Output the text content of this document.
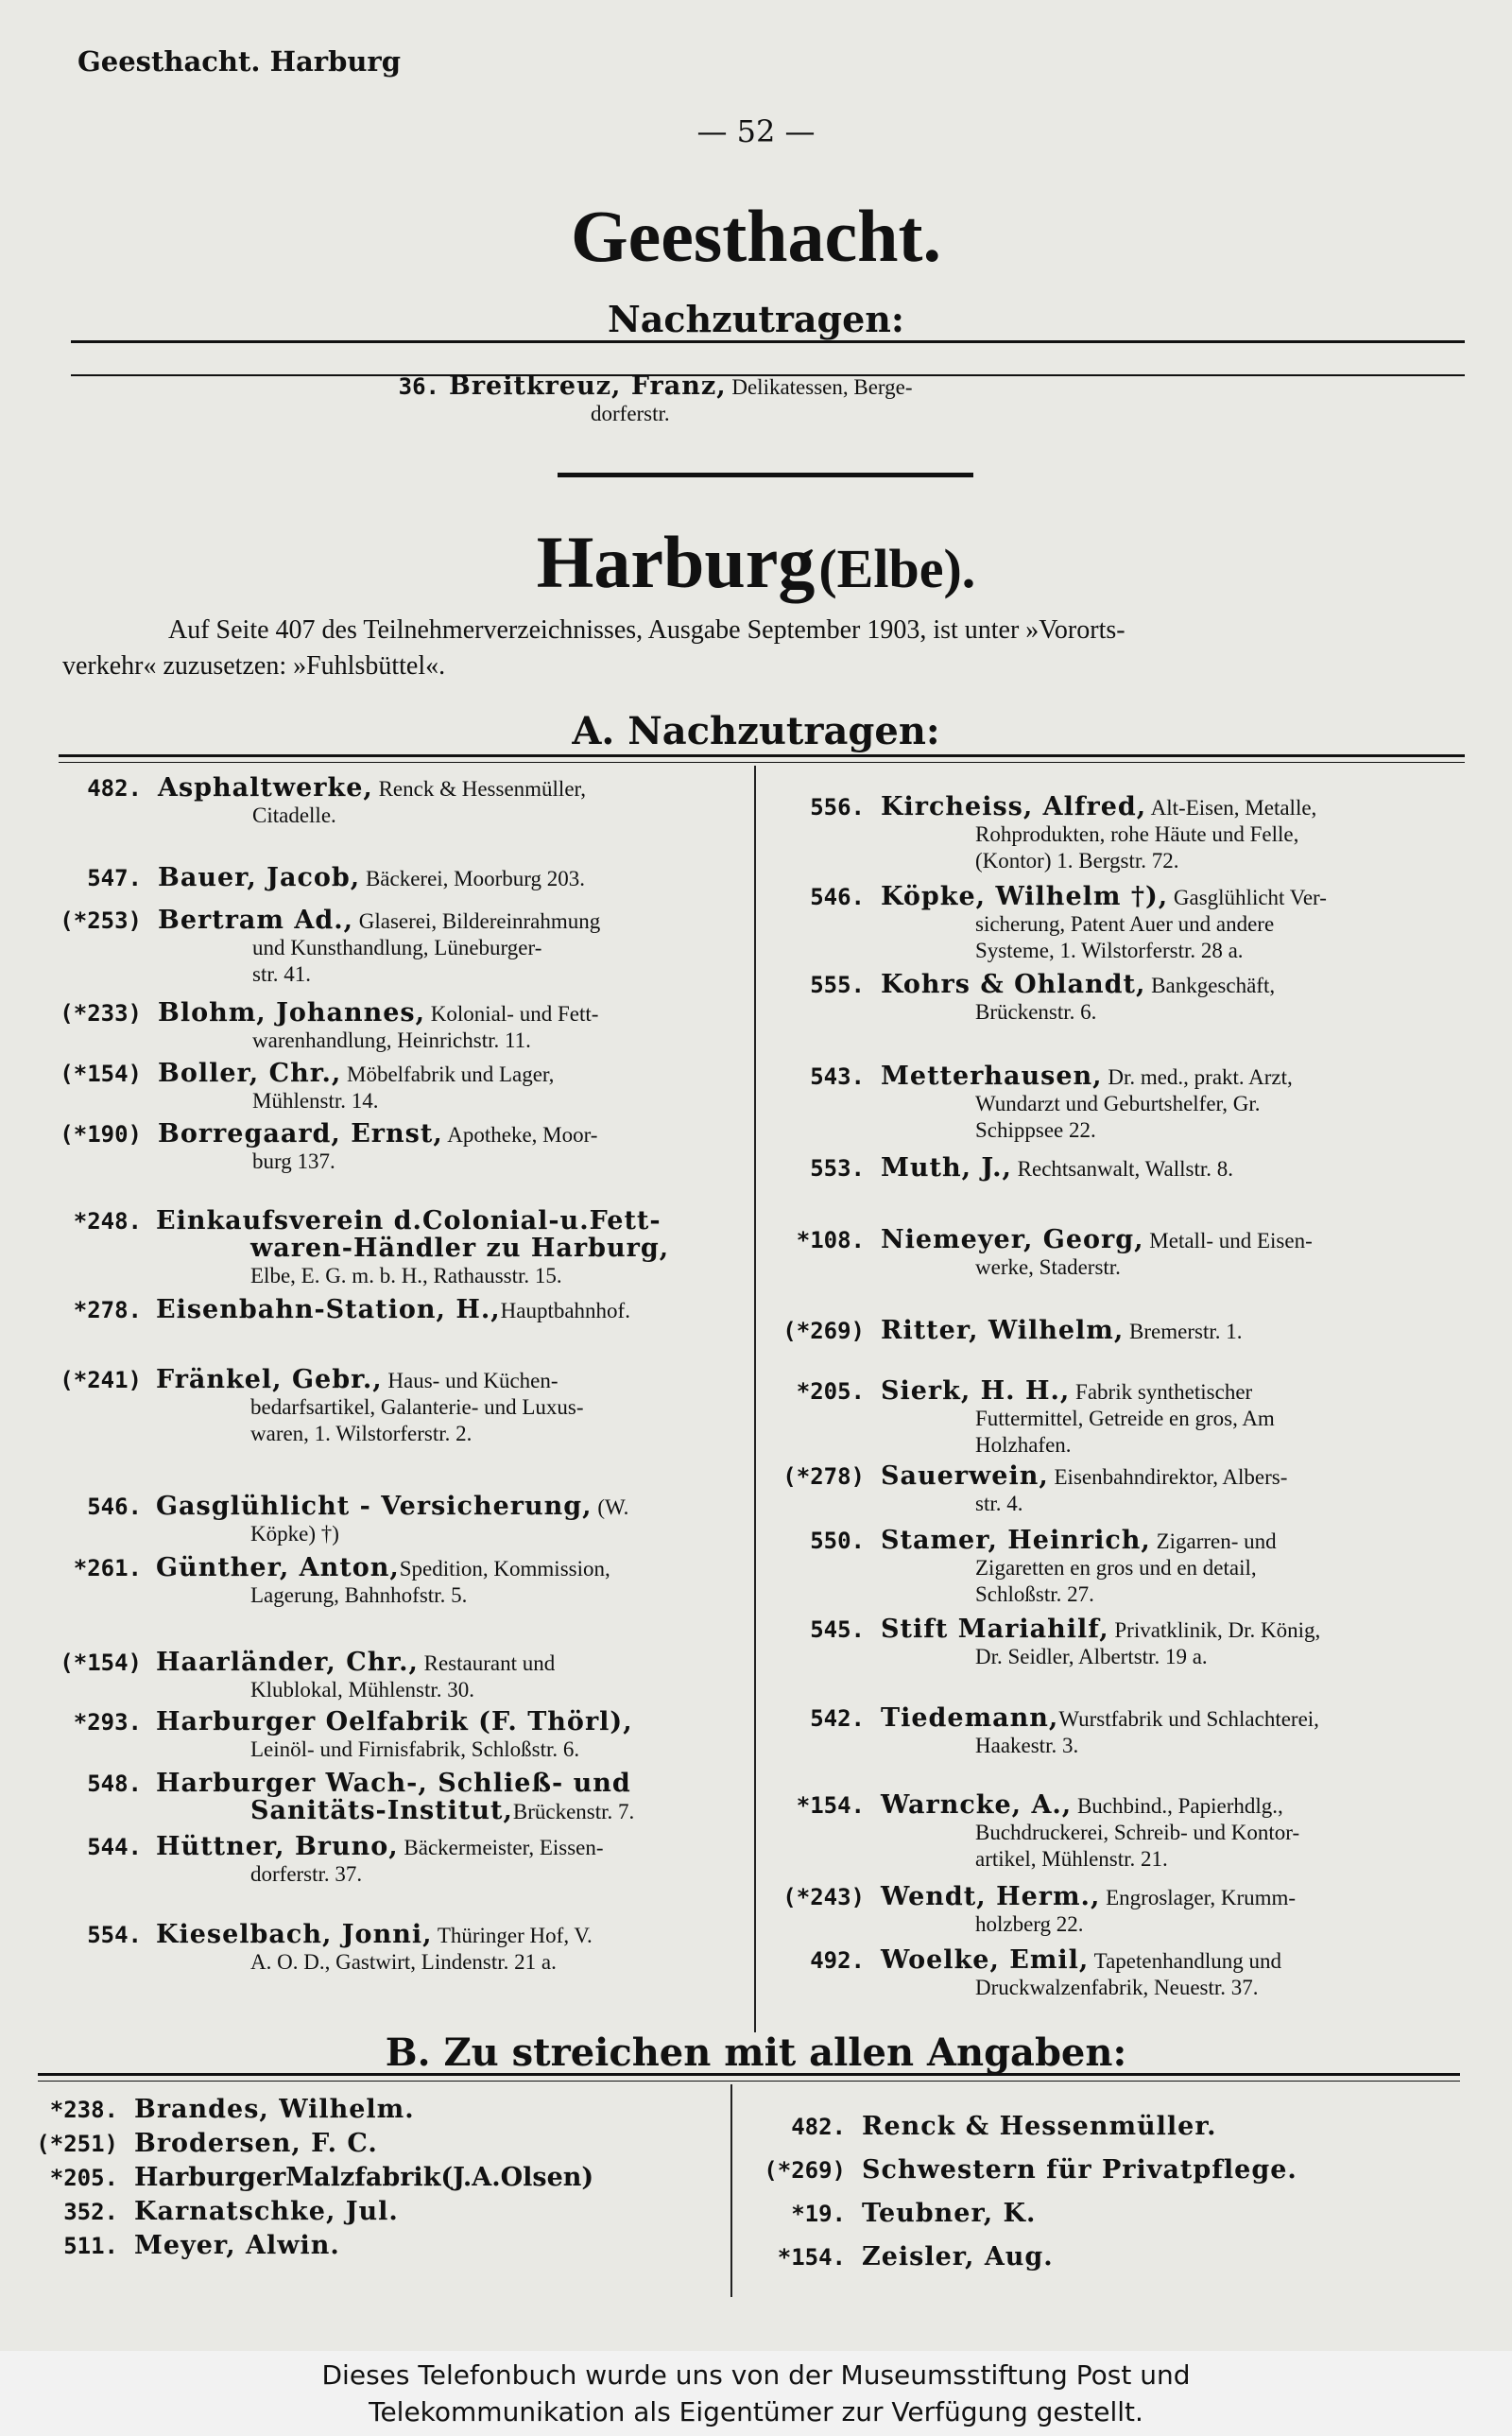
Geesthacht. Harburg
— 52 —
Geesthacht.
Nachzutragen:
36. Breitkreuz, Franz, Delikatessen, Berge-
dorferstr.
Harburg (Elbe).
Auf Seite 407 des Teilnehmerverzeichnisses, Ausgabe September 1903, ist unter »Vororts-
verkehr« zuzusetzen: »Fuhlsbüttel«.
A. Nachzutragen:
482. Asphaltwerke, Renck & Hessenmüller,
Citadelle.
547. Bauer, Jacob, Bäckerei, Moorburg 203.
(*253) Bertram Ad., Glaserei, Bildereinrahmung
und Kunsthandlung, Lüneburger-
str. 41.
(*233) Blohm, Johannes, Kolonial- und Fett-
warenhandlung, Heinrichstr. 11.
(*154) Boller, Chr., Möbelfabrik und Lager,
Mühlenstr. 14.
(*190) Borregaard, Ernst, Apotheke, Moor-
burg 137.
*248. Einkaufsverein d.Colonial-u.Fett-
waren-Händler zu Harburg,
Elbe, E. G. m. b. H., Rathausstr. 15.
*278. Eisenbahn-Station, H.,Hauptbahnhof.
(*241) Fränkel, Gebr., Haus- und Küchen-
bedarfsartikel, Galanterie- und Luxus-
waren, 1. Wilstorferstr. 2.
546. Gasglühlicht - Versicherung, (W.
Köpke) †)
*261. Günther, Anton,Spedition, Kommission,
Lagerung, Bahnhofstr. 5.
(*154) Haarländer, Chr., Restaurant und
Klublokal, Mühlenstr. 30.
*293. Harburger Oelfabrik (F. Thörl),
Leinöl- und Firnisfabrik, Schloßstr. 6.
548. Harburger Wach-, Schließ- und
Sanitäts-Institut,Brückenstr. 7.
544. Hüttner, Bruno, Bäckermeister, Eissen-
dorferstr. 37.
554. Kieselbach, Jonni, Thüringer Hof, V.
A. O. D., Gastwirt, Lindenstr. 21 a.
556. Kircheiss, Alfred, Alt-Eisen, Metalle,
Rohprodukten, rohe Häute und Felle,
(Kontor) 1. Bergstr. 72.
546. Köpke, Wilhelm †), Gasglühlicht Ver-
sicherung, Patent Auer und andere
Systeme, 1. Wilstorferstr. 28 a.
555. Kohrs & Ohlandt, Bankgeschäft,
Brückenstr. 6.
543. Metterhausen, Dr. med., prakt. Arzt,
Wundarzt und Geburtshelfer, Gr.
Schippsee 22.
553. Muth, J., Rechtsanwalt, Wallstr. 8.
*108. Niemeyer, Georg, Metall- und Eisen-
werke, Staderstr.
(*269) Ritter, Wilhelm, Bremerstr. 1.
*205. Sierk, H. H., Fabrik synthetischer
Futtermittel, Getreide en gros, Am
Holzhafen.
(*278) Sauerwein, Eisenbahndirektor, Albers-
str. 4.
550. Stamer, Heinrich, Zigarren- und
Zigaretten en gros und en detail,
Schloßstr. 27.
545. Stift Mariahilf, Privatklinik, Dr. König,
Dr. Seidler, Albertstr. 19 a.
542. Tiedemann,Wurstfabrik und Schlachterei,
Haakestr. 3.
*154. Warncke, A., Buchbind., Papierhdlg.,
Buchdruckerei, Schreib- und Kontor-
artikel, Mühlenstr. 21.
(*243) Wendt, Herm., Engroslager, Krumm-
holzberg 22.
492. Woelke, Emil, Tapetenhandlung und
Druckwalzenfabrik, Neuestr. 37.
B. Zu streichen mit allen Angaben:
*238. Brandes, Wilhelm.
(*251) Brodersen, F. C.
*205. HarburgerMalzfabrik(J.A.Olsen)
352. Karnatschke, Jul.
511. Meyer, Alwin.
482. Renck & Hessenmüller.
(*269) Schwestern für Privatpflege.
*19. Teubner, K.
*154. Zeisler, Aug.
Dieses Telefonbuch wurde uns von der Museumsstiftung Post und
Telekommunikation als Eigentümer zur Verfügung gestellt.
